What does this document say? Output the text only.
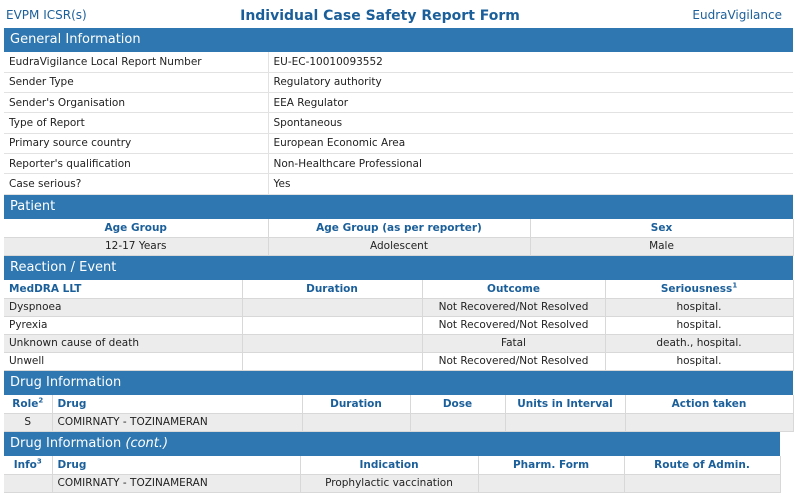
EVPM ICSR(s)	Individual Case Safety Report Form	EudraVigilance
General Information
EudraVigilance Local Report Number	EU-EC-10010093552
Sender Type	Regulatory authority
Sender's Organisation	EEA Regulator
Type of Report	Spontaneous
Primary source country	European Economic Area
Reporter's qualification	Non-Healthcare Professional
Case serious?	Yes
Patient
Age Group	Age Group (as per reporter)	Sex
12-17 Years	Adolescent	Male
Reaction / Event
MedDRA LLT	Duration	Outcome	Seriousness$^1$
Dyspnoea		Not Recovered/Not Resolved	hospital.
Pyrexia		Not Recovered/Not Resolved	hospital.
Unknown cause of death		Fatal	death., hospital.
Unwell		Not Recovered/Not Resolved	hospital.
Drug Information
Role$^2$	Drug	Duration	Dose	Units in Interval	Action taken
S	COMIRNATY - TOZINAMERAN				
Drug Information (cont.)
Info$^3$	Drug	Indication	Pharm. Form	Route of Admin.
	COMIRNATY - TOZINAMERAN	Prophylactic vaccination		
